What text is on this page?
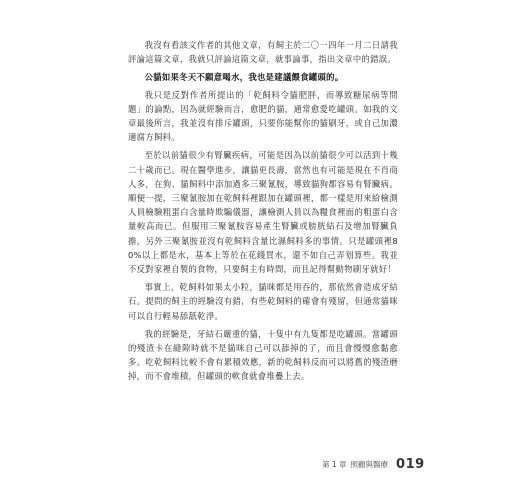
我沒有看該文作者的其他文章，有飼主於二〇一四年一月二日請我評論這篇文章，我就只評論這篇文章，就事論事，指出文章中的錯誤。

公貓如果冬天不願意喝水，我也是建議餵食罐頭的。

我只是反對作者所提出的「乾飼料令貓肥胖，而導致糖尿病等問題」的論點，因為就經驗而言，愈肥的貓，通常愈愛吃罐頭。如我的文章最後所言，我並沒有排斥罐頭，只要你能幫你的貓刷牙，或自己加濃適腐方飼料。

至於以前貓很少有腎臟疾病，可能是因為以前貓很少可以活到十幾二十歲而已。現在醫學進步，讓貓更長壽，當然也有可能是現在不肖商人多，在狗、貓飼料中添加過多三聚氰胺，導致貓狗都容易有腎臟病。順便一提，三聚氰胺加在乾飼料裡跟加在罐頭裡，都一樣是用來給檢測人員檢驗粗蛋白含量時欺騙儀器，讓檢測人員以為糧食裡面的粗蛋白含量較高而已。但服用三聚氰胺容易產生腎臟或膀胱結石及增加腎臟負擔，另外三聚氰胺並沒有乾飼料含量比濕飼料多的事情。只是罐頭裡80%以上都是水，基本上等於在花錢買水，還不如自己弄划算些。我並不反對家裡自製的食物，只要飼主有時間，而且記得幫動物刷牙就好！

事實上，乾飼料如果太小粒，貓咪都是用吞的，那依然會造成牙結石。提問的飼主的經驗沒有錯，有些乾飼料的確會有殘留，但通常貓咪可以自行輕易舔舐乾淨。

我的經驗是，牙結石嚴重的貓，十隻中有九隻都是吃罐頭。當罐頭的殘渣卡在縫隙時就不是貓咪自己可以舔掉的了，而且會慢慢愈黏愈多。吃乾飼料比較不會有累積效應，新的乾飼料反而可以將舊的殘渣磨掉，而不會堆積，但罐頭的軟食就會堆疊上去。

第 1 章 照顧與醫療 019
